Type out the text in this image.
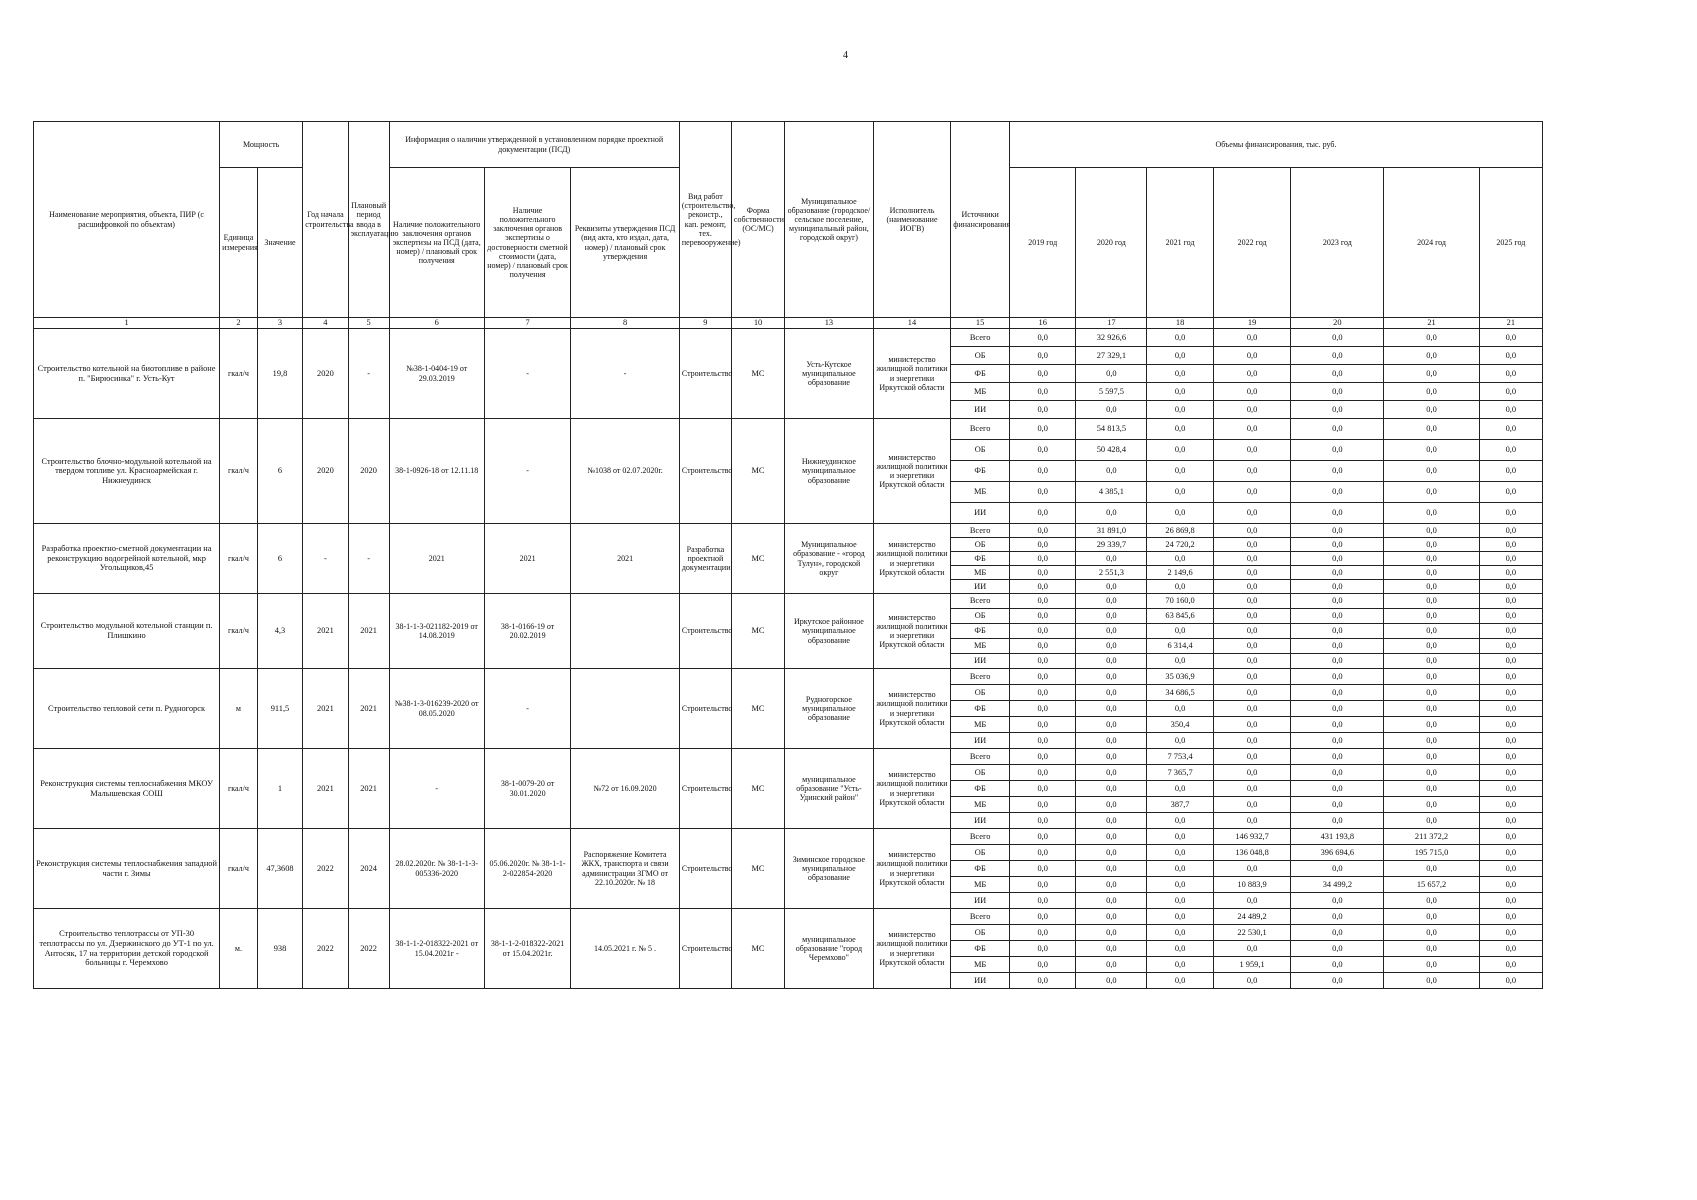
4
Наименование мероприятия, объекта, ПИР (с расшифровкой по объектам)	Мощность		Год начала строительства	Плановый период ввода в эксплуатацию	Информация о наличии утвержденной в установленном порядке проектной документации (ПСД)			Вид работ (строительство, реконстр., кап. ремонт, тех. перевооружение)	Форма собственности (ОС/МС)	Муниципальное образование (городское/сельское поселение, муниципальный район, городской округ)	Исполнитель (наименование ИОГВ)	Источники финансирования	Объемы финансирования, тыс. руб.						
	Единица измерения	Значение			Наличие положительного заключения органов экспертизы на ПСД (дата, номер) / плановый срок получения	Наличие положительного заключения органов экспертизы о достоверности сметной стоимости (дата, номер) / плановый срок получения	Реквизиты утверждения ПСД (вид акта, кто издал, дата, номер) / плановый срок утверждения						2019 год	2020 год	2021 год	2022 год	2023 год	2024 год	2025 год
1	2	3	4	5	6	7	8	9	10	13	14	15	16	17	18	19	20	21	21
Строительство котельной на биотопливе в районе п. "Бирюсинка" г. Усть-Кут	гкал/ч	19,8	2020	-	№38-1-0404-19 от 29.03.2019	-	-	Строительство	МС	Усть-Кутское муниципальное образование	министерство жилищной политики и энергетики Иркутской области	Всего	0,0	32 926,6	0,0	0,0	0,0	0,0	0,0
												ОБ	0,0	27 329,1	0,0	0,0	0,0	0,0	0,0
												ФБ	0,0	0,0	0,0	0,0	0,0	0,0	0,0
												МБ	0,0	5 597,5	0,0	0,0	0,0	0,0	0,0
												ИИ	0,0	0,0	0,0	0,0	0,0	0,0	0,0
Строительство блочно-модульной котельной на твердом топливе ул. Красноармейская г. Нижнеудинск	гкал/ч	6	2020	2020	38-1-0926-18 от 12.11.18	-	№1038 от 02.07.2020г.	Строительство	МС	Нижнеудинское муниципальное образование	министерство жилищной политики и энергетики Иркутской области	Всего	0,0	54 813,5	0,0	0,0	0,0	0,0	0,0
												ОБ	0,0	50 428,4	0,0	0,0	0,0	0,0	0,0
												ФБ	0,0	0,0	0,0	0,0	0,0	0,0	0,0
												МБ	0,0	4 385,1	0,0	0,0	0,0	0,0	0,0
												ИИ	0,0	0,0	0,0	0,0	0,0	0,0	0,0
Разработка проектно-сметной документации на реконструкцию водогрейной котельной, мкр Угольщиков,45	гкал/ч	6	-	-	2021	2021	2021	Разработка проектной документации	МС	Муниципальное образование - «город Тулун», городской округ	министерство жилищной политики и энергетики Иркутской области	Всего	0,0	31 891,0	26 869,8	0,0	0,0	0,0	0,0
												ОБ	0,0	29 339,7	24 720,2	0,0	0,0	0,0	0,0
												ФБ	0,0	0,0	0,0	0,0	0,0	0,0	0,0
												МБ	0,0	2 551,3	2 149,6	0,0	0,0	0,0	0,0
												ИИ	0,0	0,0	0,0	0,0	0,0	0,0	0,0
Строительство модульной котельной станции п. Плишкино	гкал/ч	4,3	2021	2021	38-1-1-3-021182-2019 от 14.08.2019	38-1-0166-19 от 20.02.2019		Строительство	МС	Иркутское районное муниципальное образование	министерство жилищной политики и энергетики Иркутской области	Всего	0,0	0,0	70 160,0	0,0	0,0	0,0	0,0
												ОБ	0,0	0,0	63 845,6	0,0	0,0	0,0	0,0
												ФБ	0,0	0,0	0,0	0,0	0,0	0,0	0,0
												МБ	0,0	0,0	6 314,4	0,0	0,0	0,0	0,0
												ИИ	0,0	0,0	0,0	0,0	0,0	0,0	0,0
Строительство тепловой сети п. Рудногорск	м	911,5	2021	2021	№38-1-3-016239-2020 от 08.05.2020	-		Строительство	МС	Рудногорское муниципальное образование	министерство жилищной политики и энергетики Иркутской области	Всего	0,0	0,0	35 036,9	0,0	0,0	0,0	0,0
												ОБ	0,0	0,0	34 686,5	0,0	0,0	0,0	0,0
												ФБ	0,0	0,0	0,0	0,0	0,0	0,0	0,0
												МБ	0,0	0,0	350,4	0,0	0,0	0,0	0,0
												ИИ	0,0	0,0	0,0	0,0	0,0	0,0	0,0
Реконструкция системы теплоснабжения МКОУ Малышевская СОШ	гкал/ч	1	2021	2021	-	38-1-0079-20 от 30.01.2020	№72 от 16.09.2020	Строительство	МС	муниципальное образование "Усть-Удинский район"	министерство жилищной политики и энергетики Иркутской области	Всего	0,0	0,0	7 753,4	0,0	0,0	0,0	0,0
												ОБ	0,0	0,0	7 365,7	0,0	0,0	0,0	0,0
												ФБ	0,0	0,0	0,0	0,0	0,0	0,0	0,0
												МБ	0,0	0,0	387,7	0,0	0,0	0,0	0,0
												ИИ	0,0	0,0	0,0	0,0	0,0	0,0	0,0
Реконструкция системы теплоснабжения западной части г. Зимы	гкал/ч	47,3608	2022	2024	28.02.2020г. № 38-1-1-3-005336-2020	05.06.2020г. № 38-1-1-2-022854-2020	Распоряжение Комитета ЖКХ, транспорта и связи администрации ЗГМО от 22.10.2020г. № 18	Строительство	МС	Зиминское городское муниципальное образование	министерство жилищной политики и энергетики Иркутской области	Всего	0,0	0,0	0,0	146 932,7	431 193,8	211 372,2	0,0
												ОБ	0,0	0,0	0,0	136 048,8	396 694,6	195 715,0	0,0
												ФБ	0,0	0,0	0,0	0,0	0,0	0,0	0,0
												МБ	0,0	0,0	0,0	10 883,9	34 499,2	15 657,2	0,0
												ИИ	0,0	0,0	0,0	0,0	0,0	0,0	0,0
Строительство теплотрассы от УП-30 теплотрассы по ул. Дзержинского до УТ-1 по ул. Антосяк, 17 на территории детской городской больницы г. Черемхово	м.	938	2022	2022	38-1-1-2-018322-2021 от 15.04.2021г -	38-1-1-2-018322-2021 от 15.04.2021г.	14.05.2021 г. № 5 .	Строительство	МС	муниципальное образование "город Черемхово"	министерство жилищной политики и энергетики Иркутской области	Всего	0,0	0,0	0,0	24 489,2	0,0	0,0	0,0
												ОБ	0,0	0,0	0,0	22 530,1	0,0	0,0	0,0
												ФБ	0,0	0,0	0,0	0,0	0,0	0,0	0,0
												МБ	0,0	0,0	0,0	1 959,1	0,0	0,0	0,0
												ИИ	0,0	0,0	0,0	0,0	0,0	0,0	0,0
